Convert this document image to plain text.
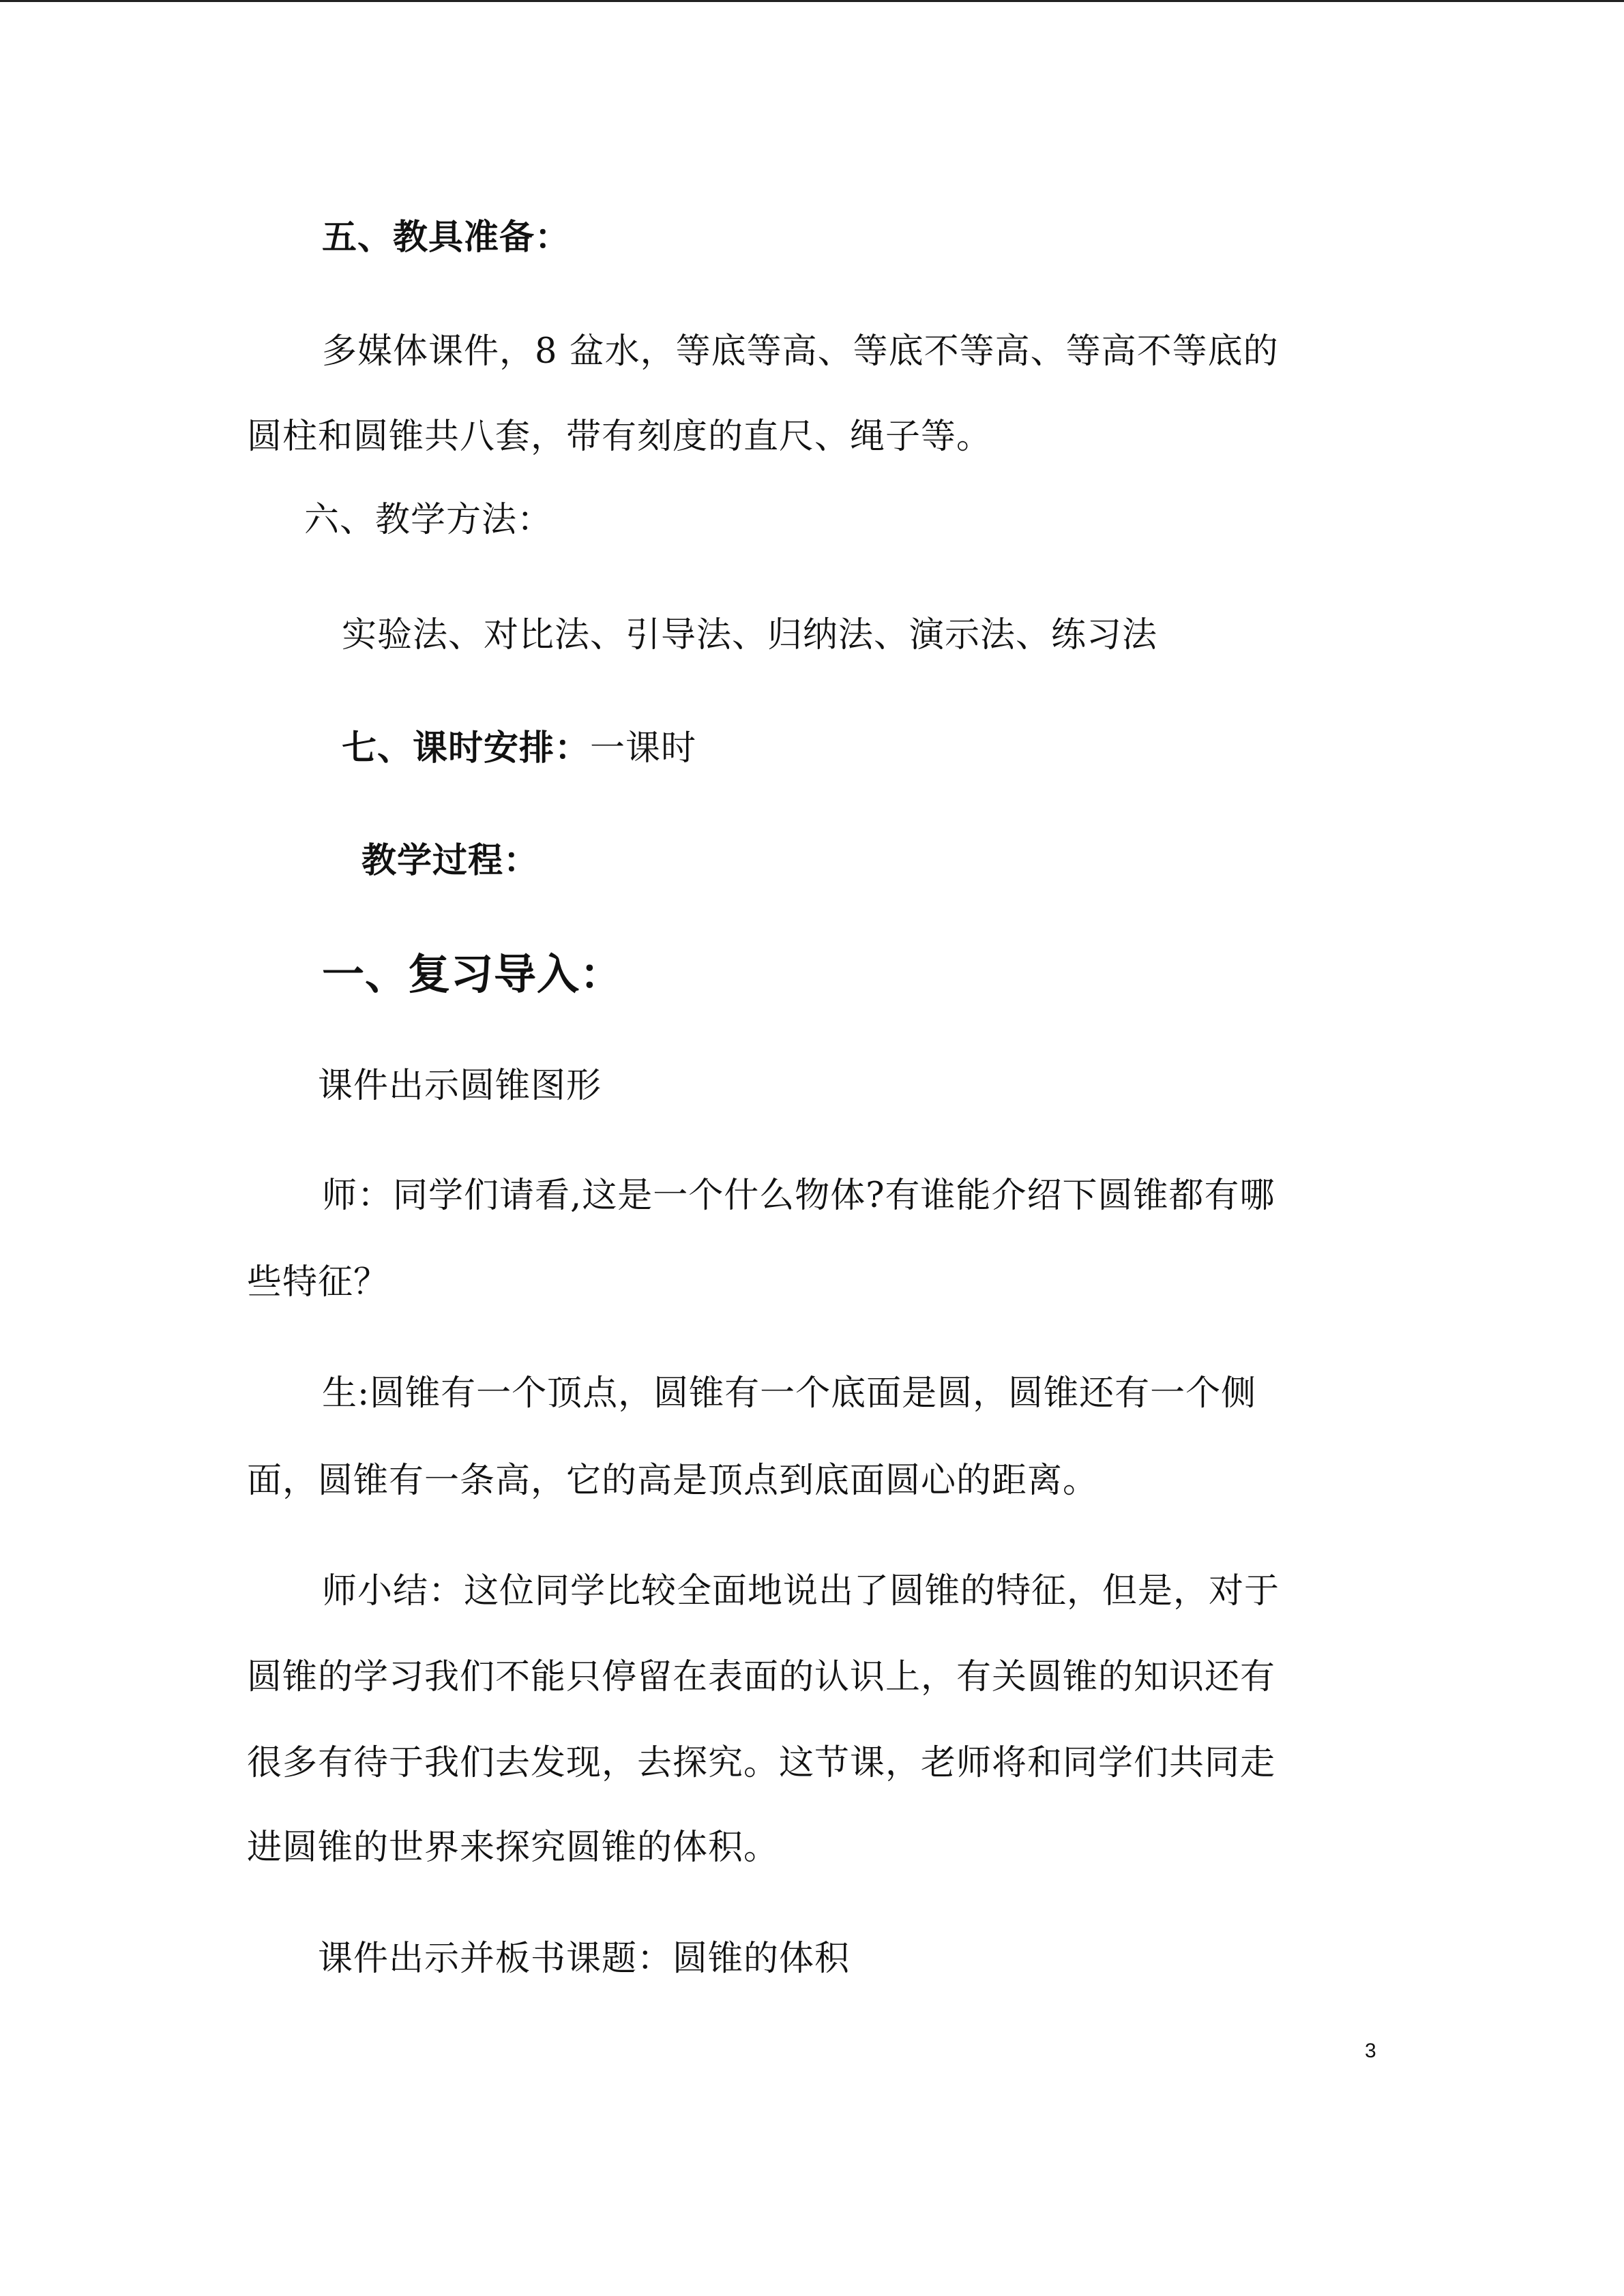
五、教具准备：
多媒体课件，8 盆水，等底等高、等底不等高、等高不等底的
圆柱和圆锥共八套，带有刻度的直尺、绳子等。
六、教学方法：
实验法、对比法、引导法、归纳法、演示法、练习法
七、课时安排：一课时
教学过程：
一、复习导入：
课件出示圆锥图形
师：同学们请看,这是一个什么物体?有谁能介绍下圆锥都有哪
些特征？
生:圆锥有一个顶点，圆锥有一个底面是圆，圆锥还有一个侧
面，圆锥有一条高，它的高是顶点到底面圆心的距离。
师小结：这位同学比较全面地说出了圆锥的特征，但是，对于
圆锥的学习我们不能只停留在表面的认识上，有关圆锥的知识还有
很多有待于我们去发现，去探究。这节课，老师将和同学们共同走
进圆锥的世界来探究圆锥的体积。
课件出示并板书课题：圆锥的体积
3
